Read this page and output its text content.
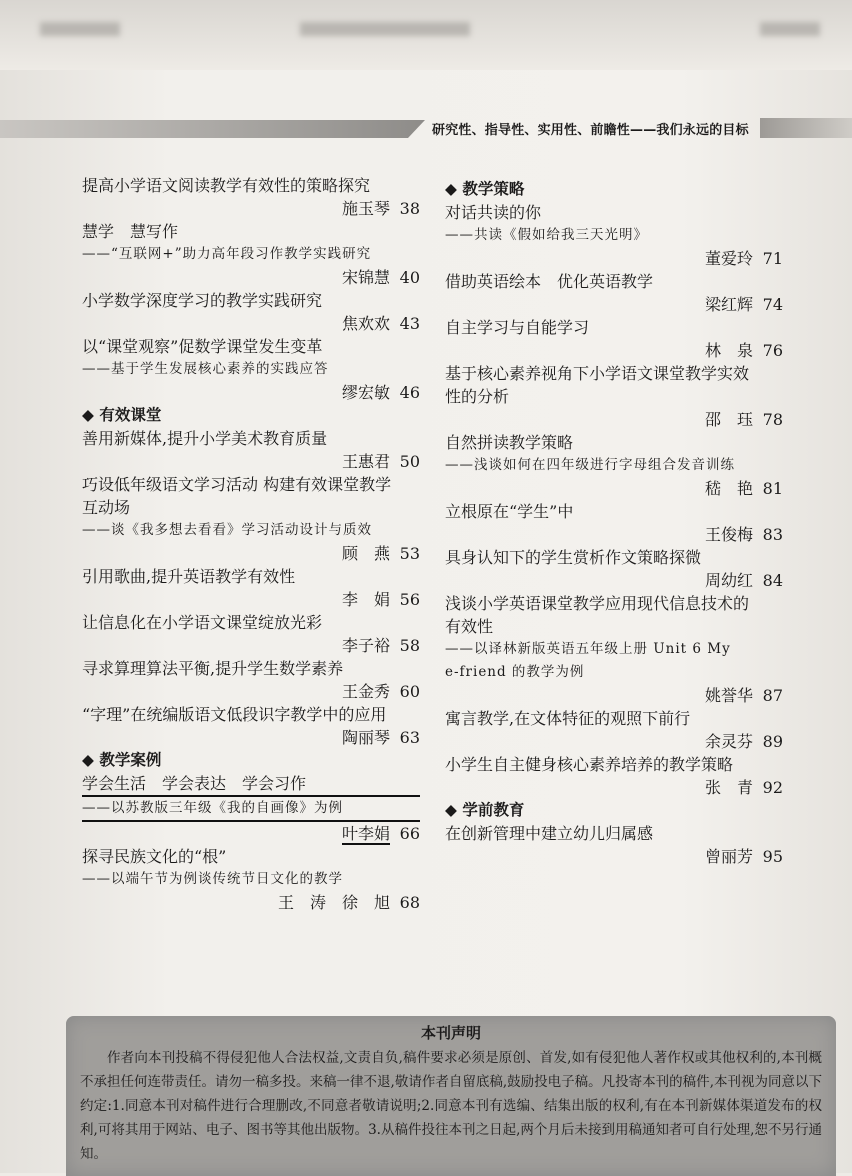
研究性、指导性、实用性、前瞻性——我们永远的目标
提高小学语文阅读教学有效性的策略探究
施玉琴 38
慧学　慧写作
——“互联网+”助力高年段习作教学实践研究
宋锦慧 40
小学数学深度学习的教学实践研究
焦欢欢 43
以“课堂观察”促数学课堂发生变革
——基于学生发展核心素养的实践应答
缪宏敏 46
◆ 有效课堂
善用新媒体,提升小学美术教育质量
王惠君 50
巧设低年级语文学习活动 构建有效课堂教学
互动场
——谈《我多想去看看》学习活动设计与质效
顾　燕 53
引用歌曲,提升英语教学有效性
李　娟 56
让信息化在小学语文课堂绽放光彩
李子裕 58
寻求算理算法平衡,提升学生数学素养
王金秀 60
“字理”在统编版语文低段识字教学中的应用
陶丽琴 63
◆ 教学案例
学会生活　学会表达　学会习作
——以苏教版三年级《我的自画像》为例
叶李娟 66
探寻民族文化的“根”
——以端午节为例谈传统节日文化的教学
王　涛　徐　旭 68
◆ 教学策略
对话共读的你
——共读《假如给我三天光明》
董爱玲 71
借助英语绘本　优化英语教学
梁红辉 74
自主学习与自能学习
林　泉 76
基于核心素养视角下小学语文课堂教学实效
性的分析
邵　珏 78
自然拼读教学策略
——浅谈如何在四年级进行字母组合发音训练
嵇　艳 81
立根原在“学生”中
王俊梅 83
具身认知下的学生赏析作文策略探微
周幼红 84
浅谈小学英语课堂教学应用现代信息技术的
有效性
——以译林新版英语五年级上册 Unit 6 My
e-friend 的教学为例
姚誉华 87
寓言教学,在文体特征的观照下前行
余灵芬 89
小学生自主健身核心素养培养的教学策略
张　青 92
◆ 学前教育
在创新管理中建立幼儿归属感
曾丽芳 95
本刊声明
作者向本刊投稿不得侵犯他人合法权益,文责自负,稿件要求必须是原创、首发,如有侵犯他人著作权或其他权利的,本刊概不承担任何连带责任。请勿一稿多投。来稿一律不退,敬请作者自留底稿,鼓励投电子稿。凡投寄本刊的稿件,本刊视为同意以下约定:1.同意本刊对稿件进行合理删改,不同意者敬请说明;2.同意本刊有选编、结集出版的权利,有在本刊新媒体渠道发布的权利,可将其用于网站、电子、图书等其他出版物。3.从稿件投往本刊之日起,两个月后未接到用稿通知者可自行处理,恕不另行通知。
